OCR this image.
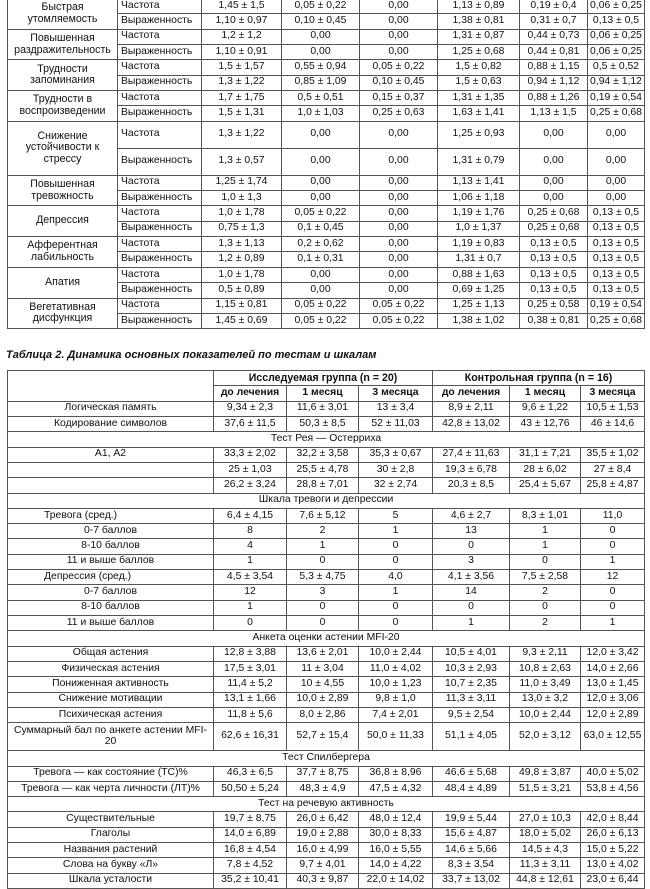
Быстрая утомляемость	Частота	1,45 ± 1,5	0,05 ± 0,22	0,00	1,13 ± 0,89	0,19 ± 0,4	0,06 ± 0,25
	Выраженность	1,10 ± 0,97	0,10 ± 0,45	0,00	1,38 ± 0,81	0,31 ± 0,7	0,13 ± 0,5
Повышенная раздражительность	Частота	1,2 ± 1,2	0,00	0,00	1,31 ± 0,87	0,44 ± 0,73	0,06 ± 0,25
	Выраженность	1,10 ± 0,91	0,00	0,00	1,25 ± 0,68	0,44 ± 0,81	0,06 ± 0,25
Трудности запоминания	Частота	1,5 ± 1,57	0,55 ± 0,94	0,05 ± 0,22	1,5 ± 0,82	0,88 ± 1,15	0,5 ± 0,52
	Выраженность	1,3 ± 1,22	0,85 ± 1,09	0,10 ± 0,45	1,5 ± 0,63	0,94 ± 1,12	0,94 ± 1,12
Трудности в воспроизведении	Частота	1,7 ± 1,75	0,5 ± 0,51	0,15 ± 0,37	1,31 ± 1,35	0,88 ± 1,26	0,19 ± 0,54
	Выраженность	1,5 ± 1,31	1,0 ± 1,03	0,25 ± 0,63	1,63 ± 1,41	1,13 ± 1,5	0,25 ± 0,68
Снижение устойчивости к стрессу	Частота	1,3 ± 1,22	0,00	0,00	1,25 ± 0,93	0,00	0,00
	Выраженность	1,3 ± 0,57	0,00	0,00	1,31 ± 0,79	0,00	0,00
Повышенная тревожность	Частота	1,25 ± 1,74	0,00	0,00	1,13 ± 1,41	0,00	0,00
	Выраженность	1,0 ± 1,3	0,00	0,00	1,06 ± 1,18	0,00	0,00
Депрессия	Частота	1,0 ± 1,78	0,05 ± 0,22	0,00	1,19 ± 1,76	0,25 ± 0,68	0,13 ± 0,5
	Выраженность	0,75 ± 1,3	0,1 ± 0,45	0,00	1,0 ± 1,37	0,25 ± 0,68	0,13 ± 0,5
Афферентная лабильность	Частота	1,3 ± 1,13	0,2 ± 0,62	0,00	1,19 ± 0,83	0,13 ± 0,5	0,13 ± 0,5
	Выраженность	1,2 ± 0,89	0,1 ± 0,31	0,00	1,31 ± 0,7	0,13 ± 0,5	0,13 ± 0,5
Апатия	Частота	1,0 ± 1,78	0,00	0,00	0,88 ± 1,63	0,13 ± 0,5	0,13 ± 0,5
	Выраженность	0,5 ± 0,89	0,00	0,00	0,69 ± 1,25	0,13 ± 0,5	0,13 ± 0,5
Вегетативная дисфункция	Частота	1,15 ± 0,81	0,05 ± 0,22	0,05 ± 0,22	1,25 ± 1,13	0,25 ± 0,58	0,19 ± 0,54
	Выраженность	1,45 ± 0,69	0,05 ± 0,22	0,05 ± 0,22	1,38 ± 1,02	0,38 ± 0,81	0,25 ± 0,68
Таблица 2. Динамика основных показателей по тестам и шкалам
	Исследуемая группа (n = 20)			Контрольная группа (n = 16)		
	до лечения	1 месяц	3 месяца	до лечения	1 месяц	3 месяца
Логическая память	9,34 ± 2,3	11,6 ± 3,01	13 ± 3,4	8,9 ± 2,11	9,6 ± 1,22	10,5 ± 1,53
Кодирование символов	37,6 ± 11,5	50,3 ± 8,5	52 ± 11,03	42,8 ± 13,02	43 ± 12,76	46 ± 14,6
Тест Рея — Остерриха						
А1, А2	33,3 ± 2,02	32,2 ± 3,58	35,3 ± 0,67	27,4 ± 11,63	31,1 ± 7,21	35,5 ± 1,02
	25 ± 1,03	25,5 ± 4,78	30 ± 2,8	19,3 ± 6,78	28 ± 6,02	27 ± 8,4
	26,2 ± 3,24	28,8 ± 7,01	32 ± 2,74	20,3 ± 8,5	25,4 ± 5,67	25,8 ± 4,87
Шкала тревоги и депрессии						
Тревога (сред.)	6,4 ± 4,15	7,6 ± 5,12	5	4,6 ± 2,7	8,3 ± 1,01	11,0
0-7 баллов	8	2	1	13	1	0
8-10 баллов	4	1	0	0	1	0
11 и выше баллов	1	0	0	3	0	1
Депрессия (сред.)	4,5 ± 3,54	5,3 ± 4,75	4,0	4,1 ± 3,56	7,5 ± 2,58	12
0-7 баллов	12	3	1	14	2	0
8-10 баллов	1	0	0	0	0	0
11 и выше баллов	0	0	0	1	2	1
Анкета оценки астении MFI-20						
Общая астения	12,8 ± 3,88	13,6 ± 2,01	10,0 ± 2,44	10,5 ± 4,01	9,3 ± 2,11	12,0 ± 3,42
Физическая астения	17,5 ± 3,01	11 ± 3,04	11,0 ± 4,02	10,3 ± 2,93	10,8 ± 2,63	14,0 ± 2,66
Пониженная активность	11,4 ± 5,2	10 ± 4,55	10,0 ± 1,23	10,7 ± 2,35	11,0 ± 3,49	13,0 ± 1,45
Снижение мотивации	13,1 ± 1,66	10,0 ± 2,89	9,8 ± 1,0	11,3 ± 3,11	13,0 ± 3,2	12,0 ± 3,06
Психическая астения	11,8 ± 5,6	8,0 ± 2,86	7,4 ± 2,01	9,5 ± 2,54	10,0 ± 2,44	12,0 ± 2,89
Суммарный бал по анкете астении MFI-20	62,6 ± 16,31	52,7 ± 15,4	50,0 ± 11,33	51,1 ± 4,05	52,0 ± 3,12	63,0 ± 12,55
Тест Спилбергера						
Тревога — как состояние (ТС)%	46,3 ± 6,5	37,7 ± 8,75	36,8 ± 8,96	46,6 ± 5,68	49,8 ± 3,87	40,0 ± 5,02
Тревога — как черта личности (ЛТ)%	50,50 ± 5,24	48,3 ± 4,9	47,5 ± 4,32	48,4 ± 4,89	51,5 ± 3,21	53,8 ± 4,56
Тест на речевую активность						
Существительные	19,7 ± 8,75	26,0 ± 6,42	48,0 ± 12,4	19,9 ± 5,44	27,0 ± 10,3	42,0 ± 8,44
Глаголы	14,0 ± 6,89	19,0 ± 2,88	30,0 ± 8,33	15,6 ± 4,87	18,0 ± 5,02	26,0 ± 6,13
Названия растений	16,8 ± 4,54	16,0 ± 4,99	16,0 ± 5,55	14,6 ± 5,66	14,5 ± 4,3	15,0 ± 5,22
Слова на букву «Л»	7,8 ± 4,52	9,7 ± 4,01	14,0 ± 4,22	8,3 ± 3,54	11,3 ± 3,11	13,0 ± 4,02
Шкала усталости	35,2 ± 10,41	40,3 ± 9,87	22,0 ± 14,02	33,7 ± 13,02	44,8 ± 12,61	23,0 ± 6,44
